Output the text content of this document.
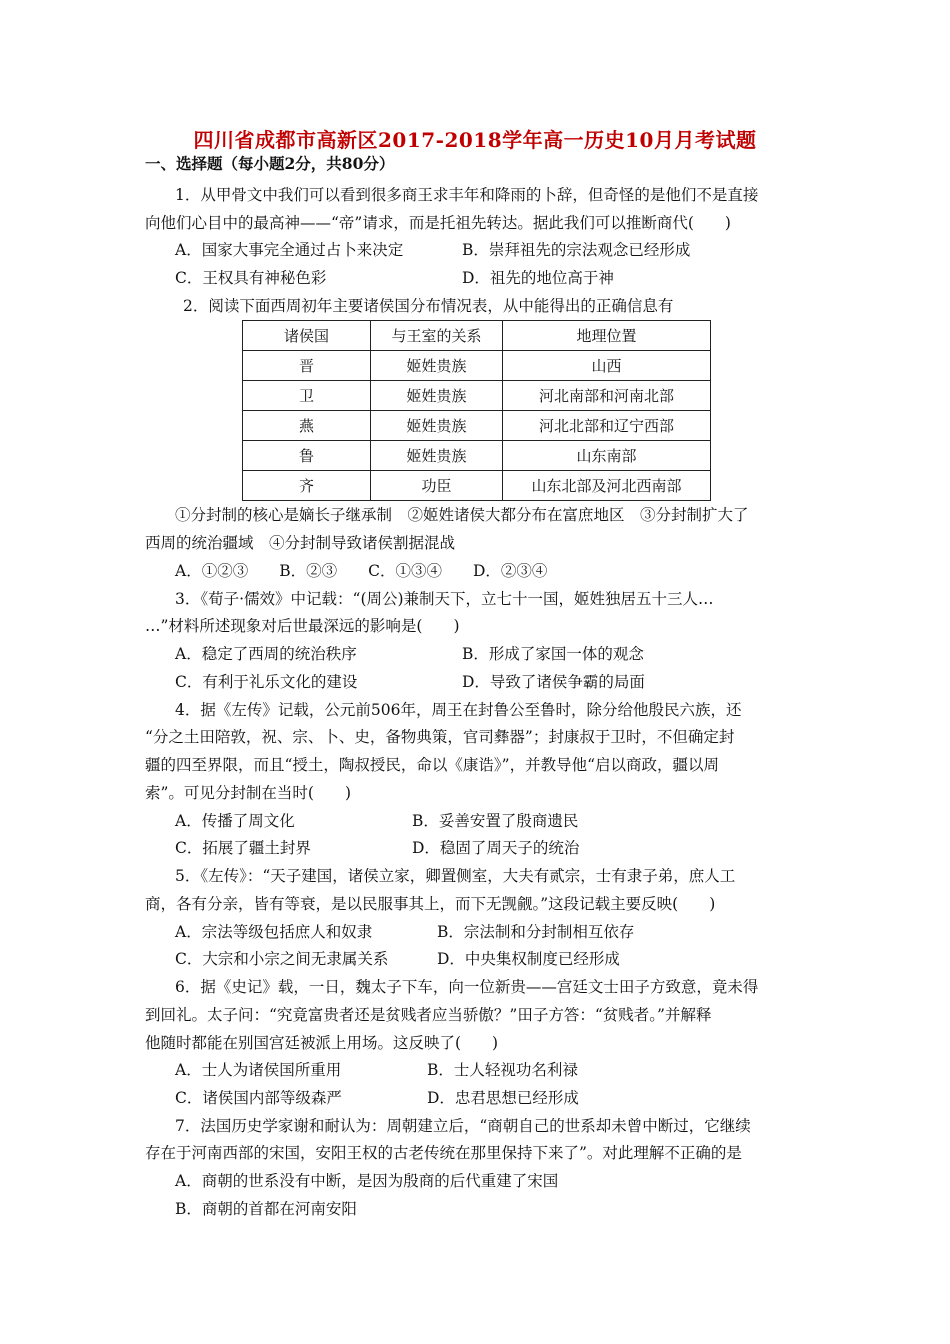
四川省成都市高新区2017-2018学年高一历史10月月考试题
一、选择题（每小题2分，共80分）
1．从甲骨文中我们可以看到很多商王求丰年和降雨的卜辞，但奇怪的是他们不是直接
向他们心目中的最高神——“帝”请求，而是托祖先转达。据此我们可以推断商代(　　)
A．国家大事完全通过占卜来决定	B．崇拜祖先的宗法观念已经形成
C．王权具有神秘色彩	D．祖先的地位高于神
2．阅读下面西周初年主要诸侯国分布情况表，从中能得出的正确信息有
诸侯国	与王室的关系	地理位置
晋	姬姓贵族	山西
卫	姬姓贵族	河北南部和河南北部
燕	姬姓贵族	河北北部和辽宁西部
鲁	姬姓贵族	山东南部
齐	功臣	山东北部及河北西南部
①分封制的核心是嫡长子继承制　②姬姓诸侯大都分布在富庶地区　③分封制扩大了
西周的统治疆域　④分封制导致诸侯割据混战
A．①②③　　B．②③　　C．①③④　　D．②③④
3．《荀子·儒效》中记载：“(周公)兼制天下，立七十一国，姬姓独居五十三人…
…”材料所述现象对后世最深远的影响是(　　)
A．稳定了西周的统治秩序	B．形成了家国一体的观念
C．有利于礼乐文化的建设	D．导致了诸侯争霸的局面
4．据《左传》记载，公元前506年，周王在封鲁公至鲁时，除分给他殷民六族，还
“分之土田陪敦，祝、宗、卜、史，备物典策，官司彝器”；封康叔于卫时，不但确定封
疆的四至界限，而且“授土，陶叔授民，命以《康诰》”，并教导他“启以商政，疆以周
索”。可见分封制在当时(　　)
A．传播了周文化	B．妥善安置了殷商遗民
C．拓展了疆土封界	D．稳固了周天子的统治
5．《左传》：“天子建国，诸侯立家，卿置侧室，大夫有贰宗，士有隶子弟，庶人工
商，各有分亲，皆有等衰，是以民服事其上，而下无觊觎。”这段记载主要反映(　　)
A．宗法等级包括庶人和奴隶	B．宗法制和分封制相互依存
C．大宗和小宗之间无隶属关系	D．中央集权制度已经形成
6．据《史记》载，一日，魏太子下车，向一位新贵——宫廷文士田子方致意，竟未得
到回礼。太子问：“究竟富贵者还是贫贱者应当骄傲？”田子方答：“贫贱者。”并解释
他随时都能在别国宫廷被派上用场。这反映了(　　)
A．士人为诸侯国所重用	B．士人轻视功名利禄
C．诸侯国内部等级森严	D．忠君思想已经形成
7．法国历史学家谢和耐认为：周朝建立后，“商朝自己的世系却未曾中断过，它继续
存在于河南西部的宋国，安阳王权的古老传统在那里保持下来了”。对此理解不正确的是
A．商朝的世系没有中断，是因为殷商的后代重建了宋国
B．商朝的首都在河南安阳
